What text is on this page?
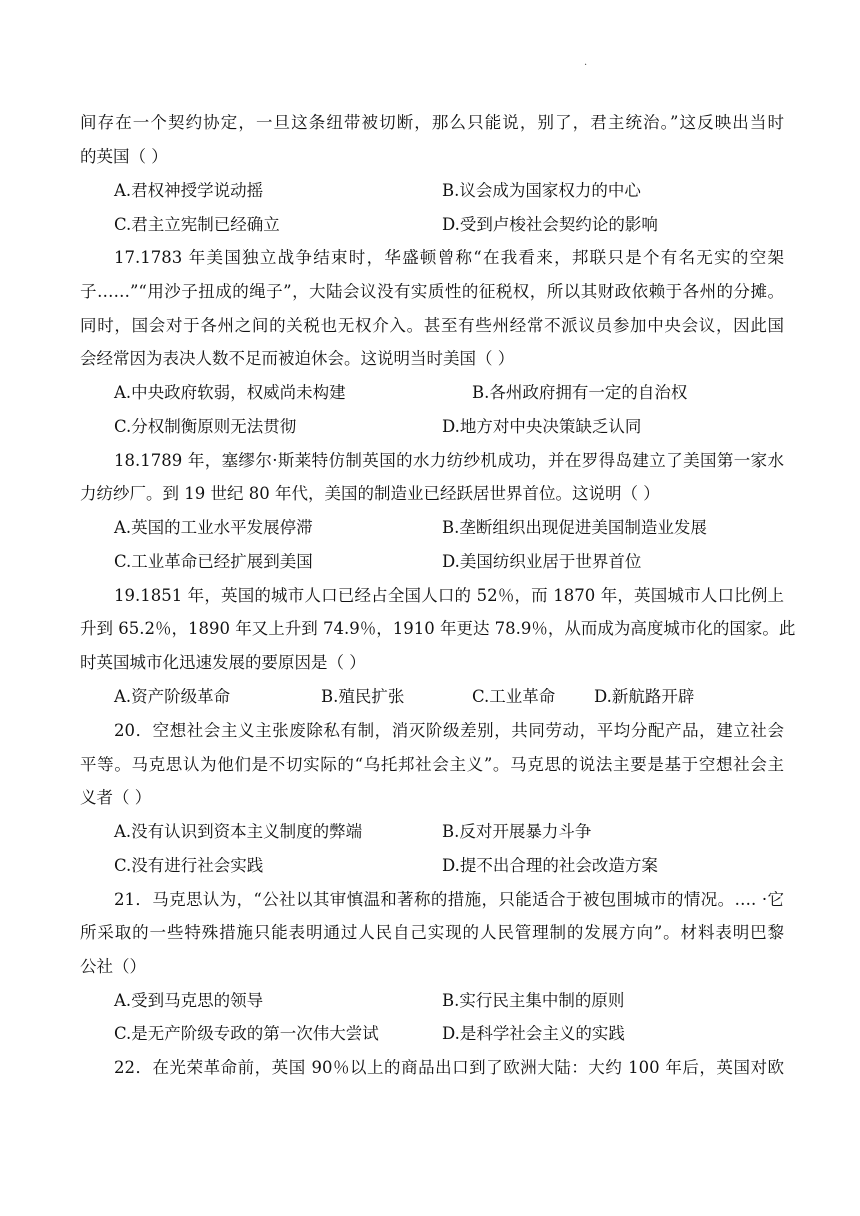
·
间存在一个契约协定，一旦这条纽带被切断，那么只能说，别了，君主统治。”这反映出当时
的英国（ ）
A.君权神授学说动摇	B.议会成为国家权力的中心
C.君主立宪制已经确立	D.受到卢梭社会契约论的影响
17.1783 年美国独立战争结束时，华盛顿曾称“在我看来，邦联只是个有名无实的空架
子……”“用沙子扭成的绳子”，大陆会议没有实质性的征税权，所以其财政依赖于各州的分摊。
同时，国会对于各州之间的关税也无权介入。甚至有些州经常不派议员参加中央会议，因此国
会经常因为表决人数不足而被迫休会。这说明当时美国（ ）
A.中央政府软弱，权威尚未构建	B.各州政府拥有一定的自治权
C.分权制衡原则无法贯彻	D.地方对中央决策缺乏认同
18.1789 年，塞缪尔·斯莱特仿制英国的水力纺纱机成功，并在罗得岛建立了美国第一家水
力纺纱厂。到 19 世纪 80 年代，美国的制造业已经跃居世界首位。这说明（ ）
A.英国的工业水平发展停滞	B.垄断组织出现促进美国制造业发展
C.工业革命已经扩展到美国	D.美国纺织业居于世界首位
19.1851 年，英国的城市人口已经占全国人口的 52％，而 1870 年，英国城市人口比例上
升到 65.2％，1890 年又上升到 74.9％，1910 年更达 78.9％，从而成为高度城市化的国家。此
时英国城市化迅速发展的要原因是（ ）
A.资产阶级革命	B.殖民扩张	C.工业革命 D.新航路开辟
20．空想社会主义主张废除私有制，消灭阶级差别，共同劳动，平均分配产品，建立社会
平等。马克思认为他们是不切实际的“乌托邦社会主义”。马克思的说法主要是基于空想社会主
义者（ ）
A.没有认识到资本主义制度的弊端	B.反对开展暴力斗争
C.没有进行社会实践	D.提不出合理的社会改造方案
21．马克思认为，“公社以其审慎温和著称的措施，只能适合于被包围城市的情况。…. ·它
所采取的一些特殊措施只能表明通过人民自己实现的人民管理制的发展方向”。材料表明巴黎
公社（）
A.受到马克思的领导	B.实行民主集中制的原则
C.是无产阶级专政的第一次伟大尝试	D.是科学社会主义的实践
22．在光荣革命前，英国 90％以上的商品出口到了欧洲大陆：大约 100 年后，英国对欧
